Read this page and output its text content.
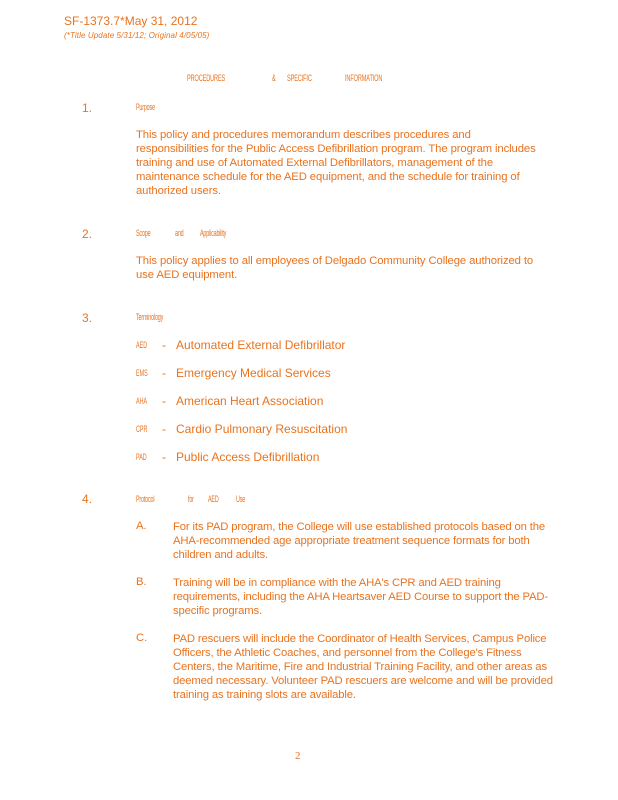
SF-1373.7*May 31, 2012
(*Title Update 5/31/12; Original 4/05/05)
PROCEDURES	& SPECIFIC	INFORMATION
1.	Purpose
This policy and procedures memorandum describes procedures and responsibilities for the Public Access Defibrillation program. The program includes training and use of Automated External Defibrillators, management of the maintenance schedule for the AED equipment, and the schedule for training of authorized users.
2.	Scope	and Applicability
This policy applies to all employees of Delgado Community College authorized to use AED equipment.
3.	Terminology
AED - Automated External Defibrillator
EMS - Emergency Medical Services
AHA - American Heart Association
CPR - Cardio Pulmonary Resuscitation
PAD - Public Access Defibrillation
4.	Protocol	for AED Use
A. For its PAD program, the College will use established protocols based on the AHA-recommended age appropriate treatment sequence formats for both children and adults.
B. Training will be in compliance with the AHA's CPR and AED training requirements, including the AHA Heartsaver AED Course to support the PAD-specific programs.
C. PAD rescuers will include the Coordinator of Health Services, Campus Police Officers, the Athletic Coaches, and personnel from the College's Fitness Centers, the Maritime, Fire and Industrial Training Facility, and other areas as deemed necessary. Volunteer PAD rescuers are welcome and will be provided training as training slots are available.
2
